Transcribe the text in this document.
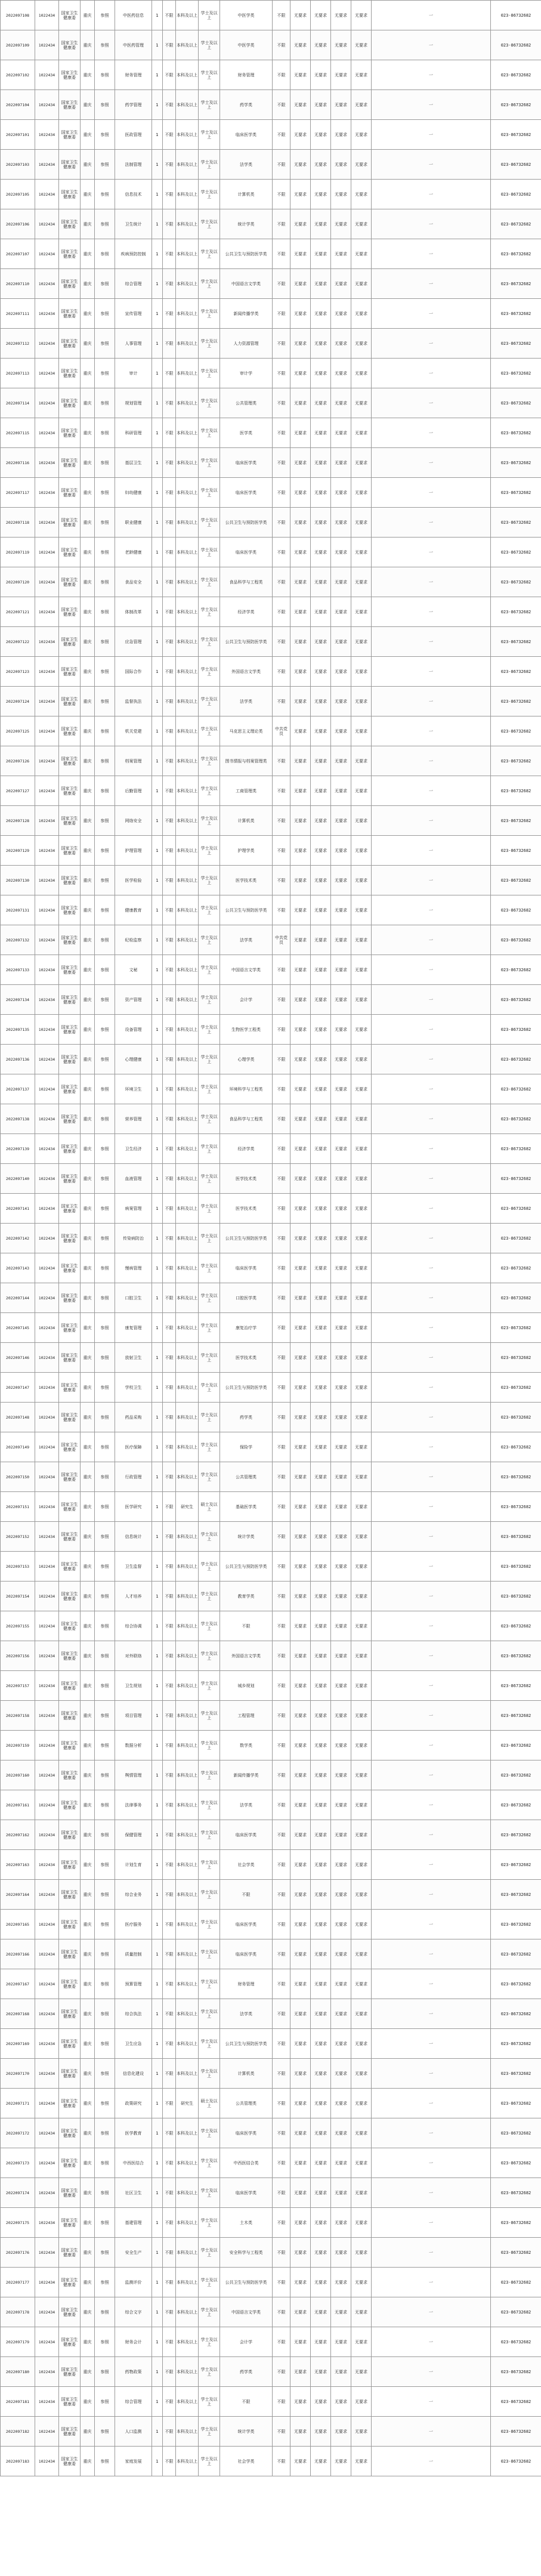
2022097108	1022434	国家卫生健康委	重庆	参照	中医药信息	1	不限	本科及以上	学士及以上	中医学类	不限	无要求	无要求	无要求	无要求	一	023-86732682
2022097109	1022434	国家卫生健康委	重庆	参照	中医药管理	1	不限	本科及以上	学士及以上	中医学类	不限	无要求	无要求	无要求	无要求	一	023-86732682
2022097102	1022434	国家卫生健康委	重庆	参照	财务管理	1	不限	本科及以上	学士及以上	财务管理	不限	无要求	无要求	无要求	无要求	一	023-86732682
2022097104	1022434	国家卫生健康委	重庆	参照	药学管理	1	不限	本科及以上	学士及以上	药学类	不限	无要求	无要求	无要求	无要求	一	023-86732682
2022097101	1022434	国家卫生健康委	重庆	参照	医政管理	1	不限	本科及以上	学士及以上	临床医学类	不限	无要求	无要求	无要求	无要求	一	023-86732682
2022097103	1022434	国家卫生健康委	重庆	参照	法制管理	1	不限	本科及以上	学士及以上	法学类	不限	无要求	无要求	无要求	无要求	一	023-86732682
2022097105	1022434	国家卫生健康委	重庆	参照	信息技术	1	不限	本科及以上	学士及以上	计算机类	不限	无要求	无要求	无要求	无要求	一	023-86732682
2022097106	1022434	国家卫生健康委	重庆	参照	卫生统计	1	不限	本科及以上	学士及以上	统计学类	不限	无要求	无要求	无要求	无要求	一	023-86732682
2022097107	1022434	国家卫生健康委	重庆	参照	疾病预防控制	1	不限	本科及以上	学士及以上	公共卫生与预防医学类	不限	无要求	无要求	无要求	无要求	一	023-86732682
2022097110	1022434	国家卫生健康委	重庆	参照	综合管理	1	不限	本科及以上	学士及以上	中国语言文学类	不限	无要求	无要求	无要求	无要求	一	023-86732682
2022097111	1022434	国家卫生健康委	重庆	参照	宣传管理	1	不限	本科及以上	学士及以上	新闻传播学类	不限	无要求	无要求	无要求	无要求	一	023-86732682
2022097112	1022434	国家卫生健康委	重庆	参照	人事管理	1	不限	本科及以上	学士及以上	人力资源管理	不限	无要求	无要求	无要求	无要求	一	023-86732682
2022097113	1022434	国家卫生健康委	重庆	参照	审计	1	不限	本科及以上	学士及以上	审计学	不限	无要求	无要求	无要求	无要求	一	023-86732682
2022097114	1022434	国家卫生健康委	重庆	参照	规划管理	1	不限	本科及以上	学士及以上	公共管理类	不限	无要求	无要求	无要求	无要求	一	023-86732682
2022097115	1022434	国家卫生健康委	重庆	参照	科研管理	1	不限	本科及以上	学士及以上	医学类	不限	无要求	无要求	无要求	无要求	一	023-86732682
2022097116	1022434	国家卫生健康委	重庆	参照	基层卫生	1	不限	本科及以上	学士及以上	临床医学类	不限	无要求	无要求	无要求	无要求	一	023-86732682
2022097117	1022434	国家卫生健康委	重庆	参照	妇幼健康	1	不限	本科及以上	学士及以上	临床医学类	不限	无要求	无要求	无要求	无要求	一	023-86732682
2022097118	1022434	国家卫生健康委	重庆	参照	职业健康	1	不限	本科及以上	学士及以上	公共卫生与预防医学类	不限	无要求	无要求	无要求	无要求	一	023-86732682
2022097119	1022434	国家卫生健康委	重庆	参照	老龄健康	1	不限	本科及以上	学士及以上	临床医学类	不限	无要求	无要求	无要求	无要求	一	023-86732682
2022097120	1022434	国家卫生健康委	重庆	参照	食品安全	1	不限	本科及以上	学士及以上	食品科学与工程类	不限	无要求	无要求	无要求	无要求	一	023-86732682
2022097121	1022434	国家卫生健康委	重庆	参照	体制改革	1	不限	本科及以上	学士及以上	经济学类	不限	无要求	无要求	无要求	无要求	一	023-86732682
2022097122	1022434	国家卫生健康委	重庆	参照	应急管理	1	不限	本科及以上	学士及以上	公共卫生与预防医学类	不限	无要求	无要求	无要求	无要求	一	023-86732682
2022097123	1022434	国家卫生健康委	重庆	参照	国际合作	1	不限	本科及以上	学士及以上	外国语言文学类	不限	无要求	无要求	无要求	无要求	一	023-86732682
2022097124	1022434	国家卫生健康委	重庆	参照	监督执法	1	不限	本科及以上	学士及以上	法学类	不限	无要求	无要求	无要求	无要求	一	023-86732682
2022097125	1022434	国家卫生健康委	重庆	参照	机关党建	1	不限	本科及以上	学士及以上	马克思主义理论类	中共党员	无要求	无要求	无要求	无要求	一	023-86732682
2022097126	1022434	国家卫生健康委	重庆	参照	档案管理	1	不限	本科及以上	学士及以上	图书情报与档案管理类	不限	无要求	无要求	无要求	无要求	一	023-86732682
2022097127	1022434	国家卫生健康委	重庆	参照	后勤管理	1	不限	本科及以上	学士及以上	工商管理类	不限	无要求	无要求	无要求	无要求	一	023-86732682
2022097128	1022434	国家卫生健康委	重庆	参照	网络安全	1	不限	本科及以上	学士及以上	计算机类	不限	无要求	无要求	无要求	无要求	一	023-86732682
2022097129	1022434	国家卫生健康委	重庆	参照	护理管理	1	不限	本科及以上	学士及以上	护理学类	不限	无要求	无要求	无要求	无要求	一	023-86732682
2022097130	1022434	国家卫生健康委	重庆	参照	医学检验	1	不限	本科及以上	学士及以上	医学技术类	不限	无要求	无要求	无要求	无要求	一	023-86732682
2022097131	1022434	国家卫生健康委	重庆	参照	健康教育	1	不限	本科及以上	学士及以上	公共卫生与预防医学类	不限	无要求	无要求	无要求	无要求	一	023-86732682
2022097132	1022434	国家卫生健康委	重庆	参照	纪检监察	1	不限	本科及以上	学士及以上	法学类	中共党员	无要求	无要求	无要求	无要求	一	023-86732682
2022097133	1022434	国家卫生健康委	重庆	参照	文秘	1	不限	本科及以上	学士及以上	中国语言文学类	不限	无要求	无要求	无要求	无要求	一	023-86732682
2022097134	1022434	国家卫生健康委	重庆	参照	资产管理	1	不限	本科及以上	学士及以上	会计学	不限	无要求	无要求	无要求	无要求	一	023-86732682
2022097135	1022434	国家卫生健康委	重庆	参照	设备管理	1	不限	本科及以上	学士及以上	生物医学工程类	不限	无要求	无要求	无要求	无要求	一	023-86732682
2022097136	1022434	国家卫生健康委	重庆	参照	心理健康	1	不限	本科及以上	学士及以上	心理学类	不限	无要求	无要求	无要求	无要求	一	023-86732682
2022097137	1022434	国家卫生健康委	重庆	参照	环境卫生	1	不限	本科及以上	学士及以上	环境科学与工程类	不限	无要求	无要求	无要求	无要求	一	023-86732682
2022097138	1022434	国家卫生健康委	重庆	参照	营养管理	1	不限	本科及以上	学士及以上	食品科学与工程类	不限	无要求	无要求	无要求	无要求	一	023-86732682
2022097139	1022434	国家卫生健康委	重庆	参照	卫生经济	1	不限	本科及以上	学士及以上	经济学类	不限	无要求	无要求	无要求	无要求	一	023-86732682
2022097140	1022434	国家卫生健康委	重庆	参照	血液管理	1	不限	本科及以上	学士及以上	医学技术类	不限	无要求	无要求	无要求	无要求	一	023-86732682
2022097141	1022434	国家卫生健康委	重庆	参照	病案管理	1	不限	本科及以上	学士及以上	医学技术类	不限	无要求	无要求	无要求	无要求	一	023-86732682
2022097142	1022434	国家卫生健康委	重庆	参照	传染病防治	1	不限	本科及以上	学士及以上	公共卫生与预防医学类	不限	无要求	无要求	无要求	无要求	一	023-86732682
2022097143	1022434	国家卫生健康委	重庆	参照	慢病管理	1	不限	本科及以上	学士及以上	临床医学类	不限	无要求	无要求	无要求	无要求	一	023-86732682
2022097144	1022434	国家卫生健康委	重庆	参照	口腔卫生	1	不限	本科及以上	学士及以上	口腔医学类	不限	无要求	无要求	无要求	无要求	一	023-86732682
2022097145	1022434	国家卫生健康委	重庆	参照	康复管理	1	不限	本科及以上	学士及以上	康复治疗学	不限	无要求	无要求	无要求	无要求	一	023-86732682
2022097146	1022434	国家卫生健康委	重庆	参照	放射卫生	1	不限	本科及以上	学士及以上	医学技术类	不限	无要求	无要求	无要求	无要求	一	023-86732682
2022097147	1022434	国家卫生健康委	重庆	参照	学校卫生	1	不限	本科及以上	学士及以上	公共卫生与预防医学类	不限	无要求	无要求	无要求	无要求	一	023-86732682
2022097148	1022434	国家卫生健康委	重庆	参照	药品采购	1	不限	本科及以上	学士及以上	药学类	不限	无要求	无要求	无要求	无要求	一	023-86732682
2022097149	1022434	国家卫生健康委	重庆	参照	医疗保障	1	不限	本科及以上	学士及以上	保险学	不限	无要求	无要求	无要求	无要求	一	023-86732682
2022097150	1022434	国家卫生健康委	重庆	参照	行政管理	1	不限	本科及以上	学士及以上	公共管理类	不限	无要求	无要求	无要求	无要求	一	023-86732682
2022097151	1022434	国家卫生健康委	重庆	参照	医学研究	1	不限	研究生	硕士及以上	基础医学类	不限	无要求	无要求	无要求	无要求	一	023-86732682
2022097152	1022434	国家卫生健康委	重庆	参照	信息统计	1	不限	本科及以上	学士及以上	统计学类	不限	无要求	无要求	无要求	无要求	一	023-86732682
2022097153	1022434	国家卫生健康委	重庆	参照	卫生监督	1	不限	本科及以上	学士及以上	公共卫生与预防医学类	不限	无要求	无要求	无要求	无要求	一	023-86732682
2022097154	1022434	国家卫生健康委	重庆	参照	人才培养	1	不限	本科及以上	学士及以上	教育学类	不限	无要求	无要求	无要求	无要求	一	023-86732682
2022097155	1022434	国家卫生健康委	重庆	参照	综合协调	1	不限	本科及以上	学士及以上	不限	不限	无要求	无要求	无要求	无要求	一	023-86732682
2022097156	1022434	国家卫生健康委	重庆	参照	对外联络	1	不限	本科及以上	学士及以上	外国语言文学类	不限	无要求	无要求	无要求	无要求	一	023-86732682
2022097157	1022434	国家卫生健康委	重庆	参照	卫生规划	1	不限	本科及以上	学士及以上	城乡规划	不限	无要求	无要求	无要求	无要求	一	023-86732682
2022097158	1022434	国家卫生健康委	重庆	参照	项目管理	1	不限	本科及以上	学士及以上	工程管理	不限	无要求	无要求	无要求	无要求	一	023-86732682
2022097159	1022434	国家卫生健康委	重庆	参照	数据分析	1	不限	本科及以上	学士及以上	数学类	不限	无要求	无要求	无要求	无要求	一	023-86732682
2022097160	1022434	国家卫生健康委	重庆	参照	舆情管理	1	不限	本科及以上	学士及以上	新闻传播学类	不限	无要求	无要求	无要求	无要求	一	023-86732682
2022097161	1022434	国家卫生健康委	重庆	参照	法律事务	1	不限	本科及以上	学士及以上	法学类	不限	无要求	无要求	无要求	无要求	一	023-86732682
2022097162	1022434	国家卫生健康委	重庆	参照	保健管理	1	不限	本科及以上	学士及以上	临床医学类	不限	无要求	无要求	无要求	无要求	一	023-86732682
2022097163	1022434	国家卫生健康委	重庆	参照	计划生育	1	不限	本科及以上	学士及以上	社会学类	不限	无要求	无要求	无要求	无要求	一	023-86732682
2022097164	1022434	国家卫生健康委	重庆	参照	综合业务	1	不限	本科及以上	学士及以上	不限	不限	无要求	无要求	无要求	无要求	一	023-86732682
2022097165	1022434	国家卫生健康委	重庆	参照	医疗服务	1	不限	本科及以上	学士及以上	临床医学类	不限	无要求	无要求	无要求	无要求	一	023-86732682
2022097166	1022434	国家卫生健康委	重庆	参照	质量控制	1	不限	本科及以上	学士及以上	临床医学类	不限	无要求	无要求	无要求	无要求	一	023-86732682
2022097167	1022434	国家卫生健康委	重庆	参照	预算管理	1	不限	本科及以上	学士及以上	财务管理	不限	无要求	无要求	无要求	无要求	一	023-86732682
2022097168	1022434	国家卫生健康委	重庆	参照	综合执法	1	不限	本科及以上	学士及以上	法学类	不限	无要求	无要求	无要求	无要求	一	023-86732682
2022097169	1022434	国家卫生健康委	重庆	参照	卫生应急	1	不限	本科及以上	学士及以上	公共卫生与预防医学类	不限	无要求	无要求	无要求	无要求	一	023-86732682
2022097170	1022434	国家卫生健康委	重庆	参照	信息化建设	1	不限	本科及以上	学士及以上	计算机类	不限	无要求	无要求	无要求	无要求	一	023-86732682
2022097171	1022434	国家卫生健康委	重庆	参照	政策研究	1	不限	研究生	硕士及以上	公共管理类	不限	无要求	无要求	无要求	无要求	一	023-86732682
2022097172	1022434	国家卫生健康委	重庆	参照	医学教育	1	不限	本科及以上	学士及以上	临床医学类	不限	无要求	无要求	无要求	无要求	一	023-86732682
2022097173	1022434	国家卫生健康委	重庆	参照	中西医结合	1	不限	本科及以上	学士及以上	中西医结合类	不限	无要求	无要求	无要求	无要求	一	023-86732682
2022097174	1022434	国家卫生健康委	重庆	参照	社区卫生	1	不限	本科及以上	学士及以上	临床医学类	不限	无要求	无要求	无要求	无要求	一	023-86732682
2022097175	1022434	国家卫生健康委	重庆	参照	基建管理	1	不限	本科及以上	学士及以上	土木类	不限	无要求	无要求	无要求	无要求	一	023-86732682
2022097176	1022434	国家卫生健康委	重庆	参照	安全生产	1	不限	本科及以上	学士及以上	安全科学与工程类	不限	无要求	无要求	无要求	无要求	一	023-86732682
2022097177	1022434	国家卫生健康委	重庆	参照	监测评价	1	不限	本科及以上	学士及以上	公共卫生与预防医学类	不限	无要求	无要求	无要求	无要求	一	023-86732682
2022097178	1022434	国家卫生健康委	重庆	参照	综合文字	1	不限	本科及以上	学士及以上	中国语言文学类	不限	无要求	无要求	无要求	无要求	一	023-86732682
2022097179	1022434	国家卫生健康委	重庆	参照	财务会计	1	不限	本科及以上	学士及以上	会计学	不限	无要求	无要求	无要求	无要求	一	023-86732682
2022097180	1022434	国家卫生健康委	重庆	参照	药物政策	1	不限	本科及以上	学士及以上	药学类	不限	无要求	无要求	无要求	无要求	一	023-86732682
2022097181	1022434	国家卫生健康委	重庆	参照	综合管理	1	不限	本科及以上	学士及以上	不限	不限	无要求	无要求	无要求	无要求	一	023-86732682
2022097182	1022434	国家卫生健康委	重庆	参照	人口监测	1	不限	本科及以上	学士及以上	统计学类	不限	无要求	无要求	无要求	无要求	一	023-86732682
2022097183	1022434	国家卫生健康委	重庆	参照	家庭发展	1	不限	本科及以上	学士及以上	社会学类	不限	无要求	无要求	无要求	无要求	一	023-86732682
